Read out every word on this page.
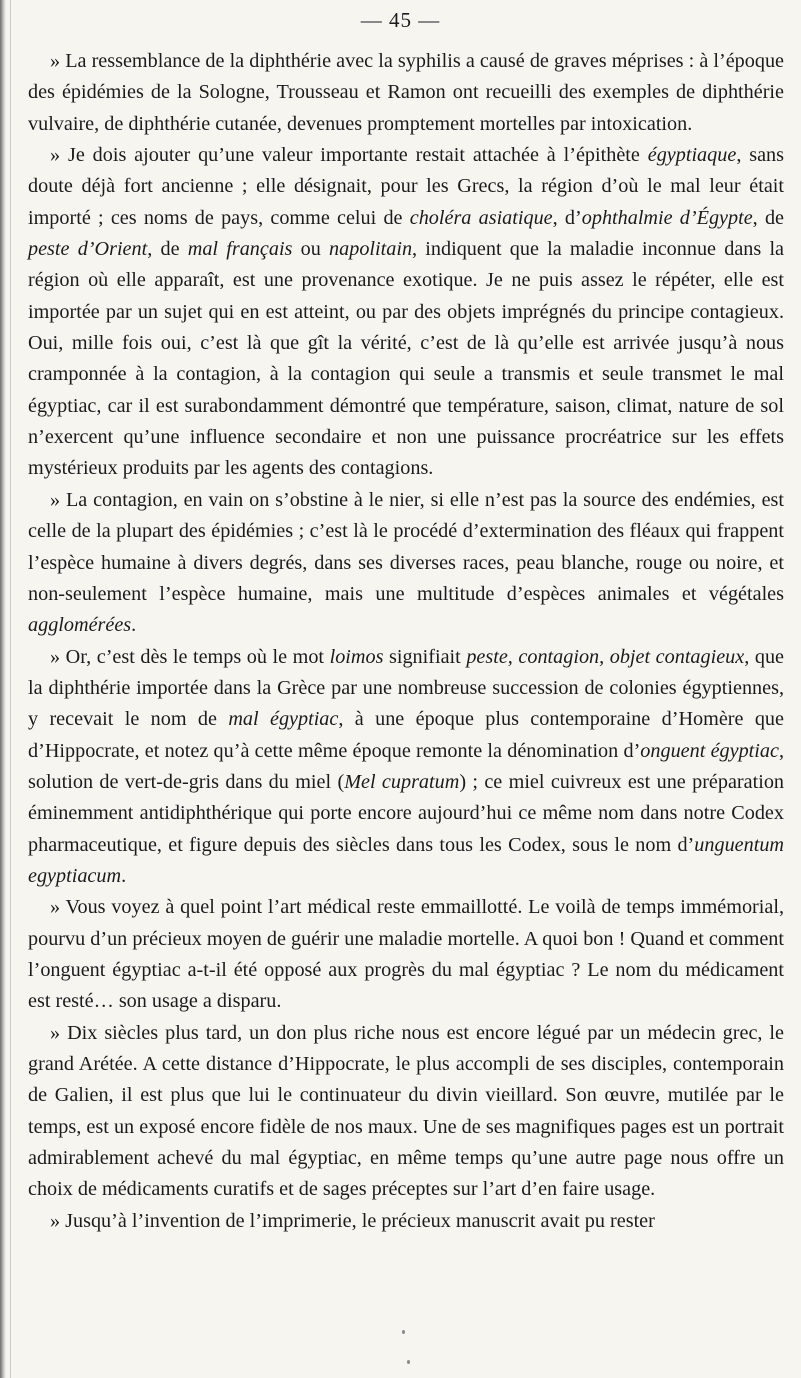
— 45 —

» La ressemblance de la diphthérie avec la syphilis a causé de graves méprises : à l’époque des épidémies de la Sologne, Trousseau et Ramon ont recueilli des exemples de diphthérie vulvaire, de diphthérie cutanée, devenues promptement mortelles par intoxication.

» Je dois ajouter qu’une valeur importante restait attachée à l’épithète égyptiaque, sans doute déjà fort ancienne ; elle désignait, pour les Grecs, la région d’où le mal leur était importé ; ces noms de pays, comme celui de choléra asiatique, d’ophthalmie d’Égypte, de peste d’Orient, de mal français ou napolitain, indiquent que la maladie inconnue dans la région où elle apparaît, est une provenance exotique. Je ne puis assez le répéter, elle est importée par un sujet qui en est atteint, ou par des objets imprégnés du principe contagieux. Oui, mille fois oui, c’est là que gît la vérité, c’est de là qu’elle est arrivée jusqu’à nous cramponnée à la contagion, à la contagion qui seule a transmis et seule transmet le mal égyptiac, car il est surabondamment démontré que température, saison, climat, nature de sol n’exercent qu’une influence secondaire et non une puissance procréatrice sur les effets mystérieux produits par les agents des contagions.

» La contagion, en vain on s’obstine à le nier, si elle n’est pas la source des endémies, est celle de la plupart des épidémies ; c’est là le procédé d’extermination des fléaux qui frappent l’espèce humaine à divers degrés, dans ses diverses races, peau blanche, rouge ou noire, et non-seulement l’espèce humaine, mais une multitude d’espèces animales et végétales agglomérées.

» Or, c’est dès le temps où le mot loimos signifiait peste, contagion, objet contagieux, que la diphthérie importée dans la Grèce par une nombreuse succession de colonies égyptiennes, y recevait le nom de mal égyptiac, à une époque plus contemporaine d’Homère que d’Hippocrate, et notez qu’à cette même époque remonte la dénomination d’onguent égyptiac, solution de vert-de-gris dans du miel (Mel cupratum) ; ce miel cuivreux est une préparation éminemment antidiphthérique qui porte encore aujourd’hui ce même nom dans notre Codex pharmaceutique, et figure depuis des siècles dans tous les Codex, sous le nom d’unguentum egyptiacum.

» Vous voyez à quel point l’art médical reste emmaillotté. Le voilà de temps immémorial, pourvu d’un précieux moyen de guérir une maladie mortelle. A quoi bon ! Quand et comment l’onguent égyptiac a-t-il été opposé aux progrès du mal égyptiac ? Le nom du médicament est resté… son usage a disparu.

» Dix siècles plus tard, un don plus riche nous est encore légué par un médecin grec, le grand Arétée. A cette distance d’Hippocrate, le plus accompli de ses disciples, contemporain de Galien, il est plus que lui le continuateur du divin vieillard. Son œuvre, mutilée par le temps, est un exposé encore fidèle de nos maux. Une de ses magnifiques pages est un portrait admirablement achevé du mal égyptiac, en même temps qu’une autre page nous offre un choix de médicaments curatifs et de sages préceptes sur l’art d’en faire usage.

» Jusqu’à l’invention de l’imprimerie, le précieux manuscrit avait pu rester
